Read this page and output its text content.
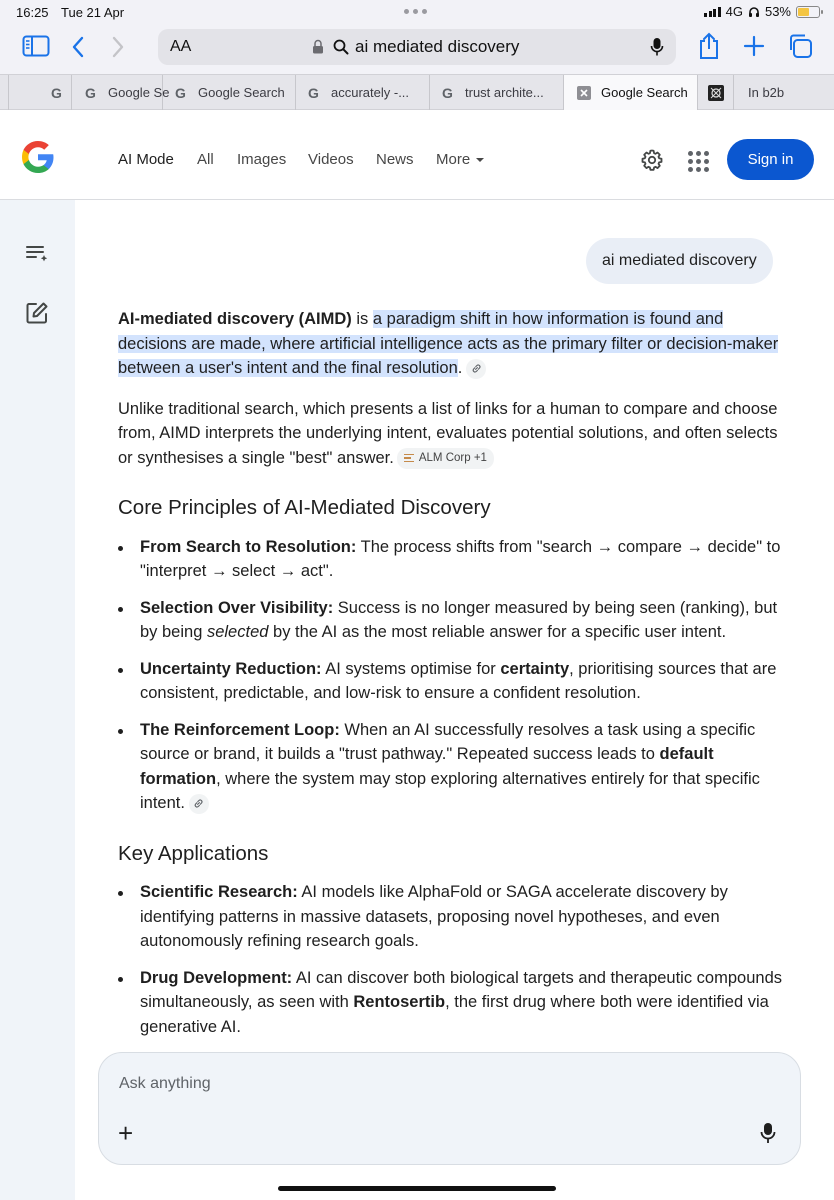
16:25 Tue 21 Apr	4G 53%
AA	ai mediated discovery
G G Google Se G Google Search G accurately -... G trust archite...	Google Search	In b2b
AI Mode All Images Videos News More	Sign in
ai mediated discovery

AI-mediated discovery (AIMD) is a paradigm shift in how information is found and decisions are made, where artificial intelligence acts as the primary filter or decision-maker between a user's intent and the final resolution.

Unlike traditional search, which presents a list of links for a human to compare and choose from, AIMD interprets the underlying intent, evaluates potential solutions, and often selects or synthesises a single "best" answer. ALM Corp +1

Core Principles of AI-Mediated Discovery
From Search to Resolution: The process shifts from "search → compare → decide" to "interpret → select → act".
Selection Over Visibility: Success is no longer measured by being seen (ranking), but by being selected by the AI as the most reliable answer for a specific user intent.
Uncertainty Reduction: AI systems optimise for certainty, prioritising sources that are consistent, predictable, and low-risk to ensure a confident resolution.
The Reinforcement Loop: When an AI successfully resolves a task using a specific source or brand, it builds a "trust pathway." Repeated success leads to default formation, where the system may stop exploring alternatives entirely for that specific intent.
Key Applications
Scientific Research: AI models like AlphaFold or SAGA accelerate discovery by identifying patterns in massive datasets, proposing novel hypotheses, and even autonomously refining research goals.
Drug Development: AI can discover both biological targets and therapeutic compounds simultaneously, as seen with Rentosertib, the first drug where both were identified via generative AI.
Ask anything
+
